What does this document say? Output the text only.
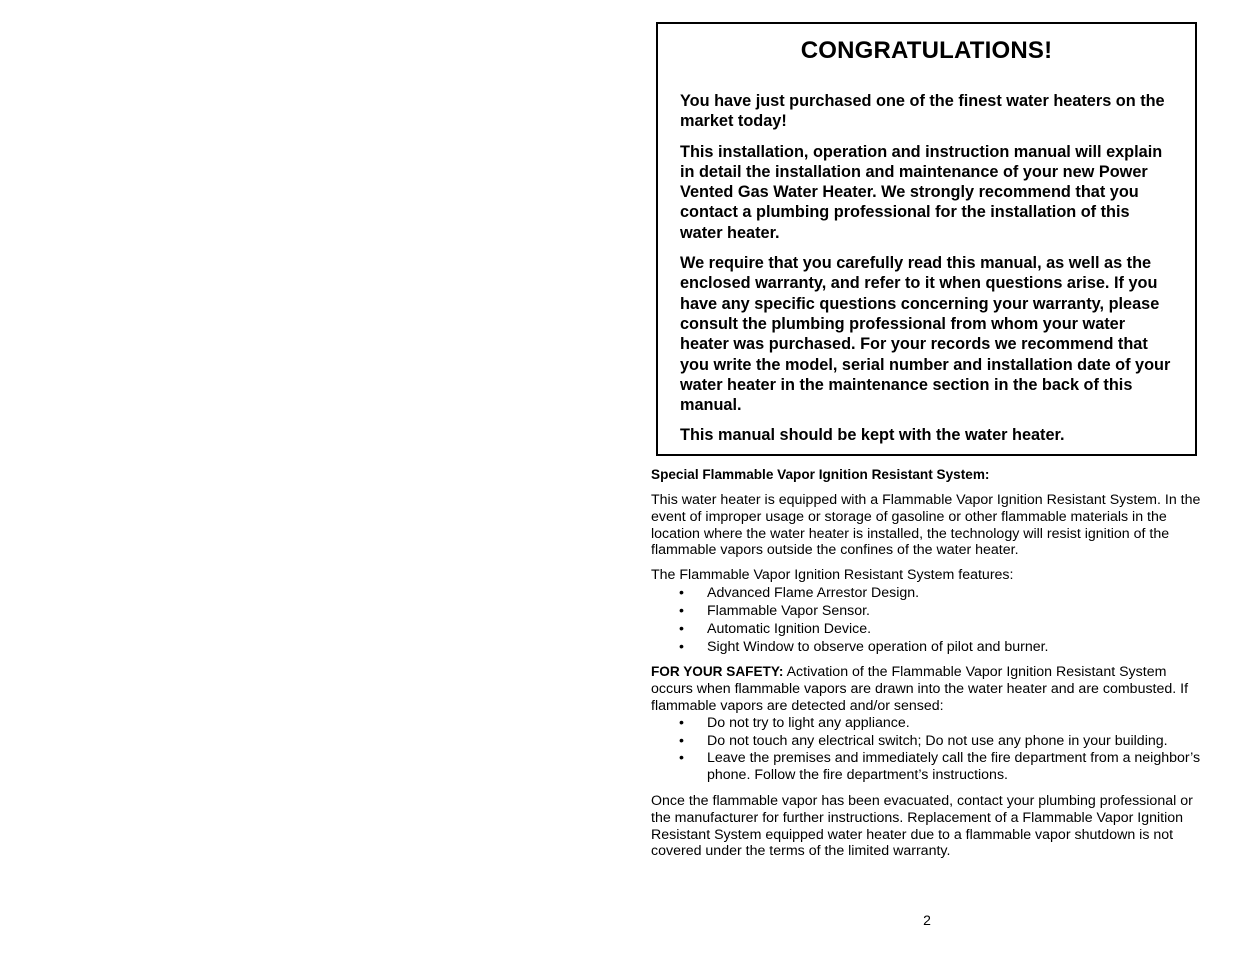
CONGRATULATIONS!

You have just purchased one of the finest water heaters on the market today!

This installation, operation and instruction manual will explain in detail the installation and maintenance of your new Power Vented Gas Water Heater. We strongly recommend that you contact a plumbing professional for the installation of this water heater.

We require that you carefully read this manual, as well as the enclosed warranty, and refer to it when questions arise. If you have any specific questions concerning your warranty, please consult the plumbing professional from whom your water heater was purchased. For your records we recommend that you write the model, serial number and installation date of your water heater in the maintenance section in the back of this manual.

This manual should be kept with the water heater.

Special Flammable Vapor Ignition Resistant System:

This water heater is equipped with a Flammable Vapor Ignition Resistant System. In the event of improper usage or storage of gasoline or other flammable materials in the location where the water heater is installed, the technology will resist ignition of the flammable vapors outside the confines of the water heater.

The Flammable Vapor Ignition Resistant System features:

• Advanced Flame Arrestor Design.
• Flammable Vapor Sensor.
• Automatic Ignition Device.
• Sight Window to observe operation of pilot and burner.

FOR YOUR SAFETY: Activation of the Flammable Vapor Ignition Resistant System occurs when flammable vapors are drawn into the water heater and are combusted. If flammable vapors are detected and/or sensed:

• Do not try to light any appliance.
• Do not touch any electrical switch; Do not use any phone in your building.
• Leave the premises and immediately call the fire department from a neighbor’s phone. Follow the fire department’s instructions.

Once the flammable vapor has been evacuated, contact your plumbing professional or the manufacturer for further instructions. Replacement of a Flammable Vapor Ignition Resistant System equipped water heater due to a flammable vapor shutdown is not covered under the terms of the limited warranty.

2
